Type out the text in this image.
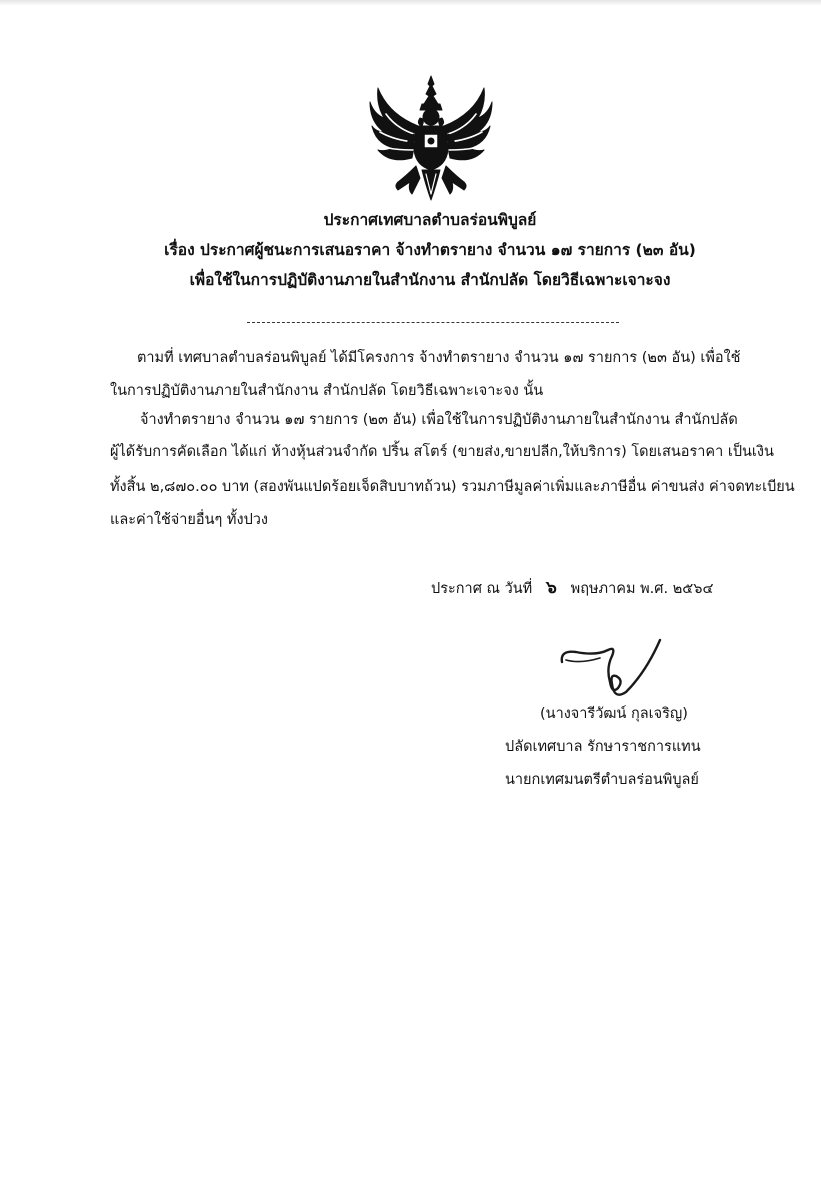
ประกาศเทศบาลตำบลร่อนพิบูลย์
เรื่อง ประกาศผู้ชนะการเสนอราคา จ้างทำตรายาง จำนวน ๑๗ รายการ (๒๓ อัน)
เพื่อใช้ในการปฏิบัติงานภายในสำนักงาน สำนักปลัด โดยวิธีเฉพาะเจาะจง
ตามที่ เทศบาลตำบลร่อนพิบูลย์ ได้มีโครงการ จ้างทำตรายาง จำนวน ๑๗ รายการ (๒๓ อัน) เพื่อใช้
ในการปฏิบัติงานภายในสำนักงาน สำนักปลัด โดยวิธีเฉพาะเจาะจง นั้น
จ้างทำตรายาง จำนวน ๑๗ รายการ (๒๓ อัน) เพื่อใช้ในการปฏิบัติงานภายในสำนักงาน สำนักปลัด
ผู้ได้รับการคัดเลือก ได้แก่ ห้างหุ้นส่วนจำกัด ปริ้น สโตร์ (ขายส่ง,ขายปลีก,ให้บริการ) โดยเสนอราคา เป็นเงิน
ทั้งสิ้น ๒,๘๗๐.๐๐ บาท (สองพันแปดร้อยเจ็ดสิบบาทถ้วน) รวมภาษีมูลค่าเพิ่มและภาษีอื่น ค่าขนส่ง ค่าจดทะเบียน
และค่าใช้จ่ายอื่นๆ ทั้งปวง
ประกาศ ณ วันที่ ๖ พฤษภาคม พ.ศ. ๒๕๖๔
(นางจารีวัฒน์ กุลเจริญ)
ปลัดเทศบาล รักษาราชการแทน
นายกเทศมนตรีตำบลร่อนพิบูลย์
